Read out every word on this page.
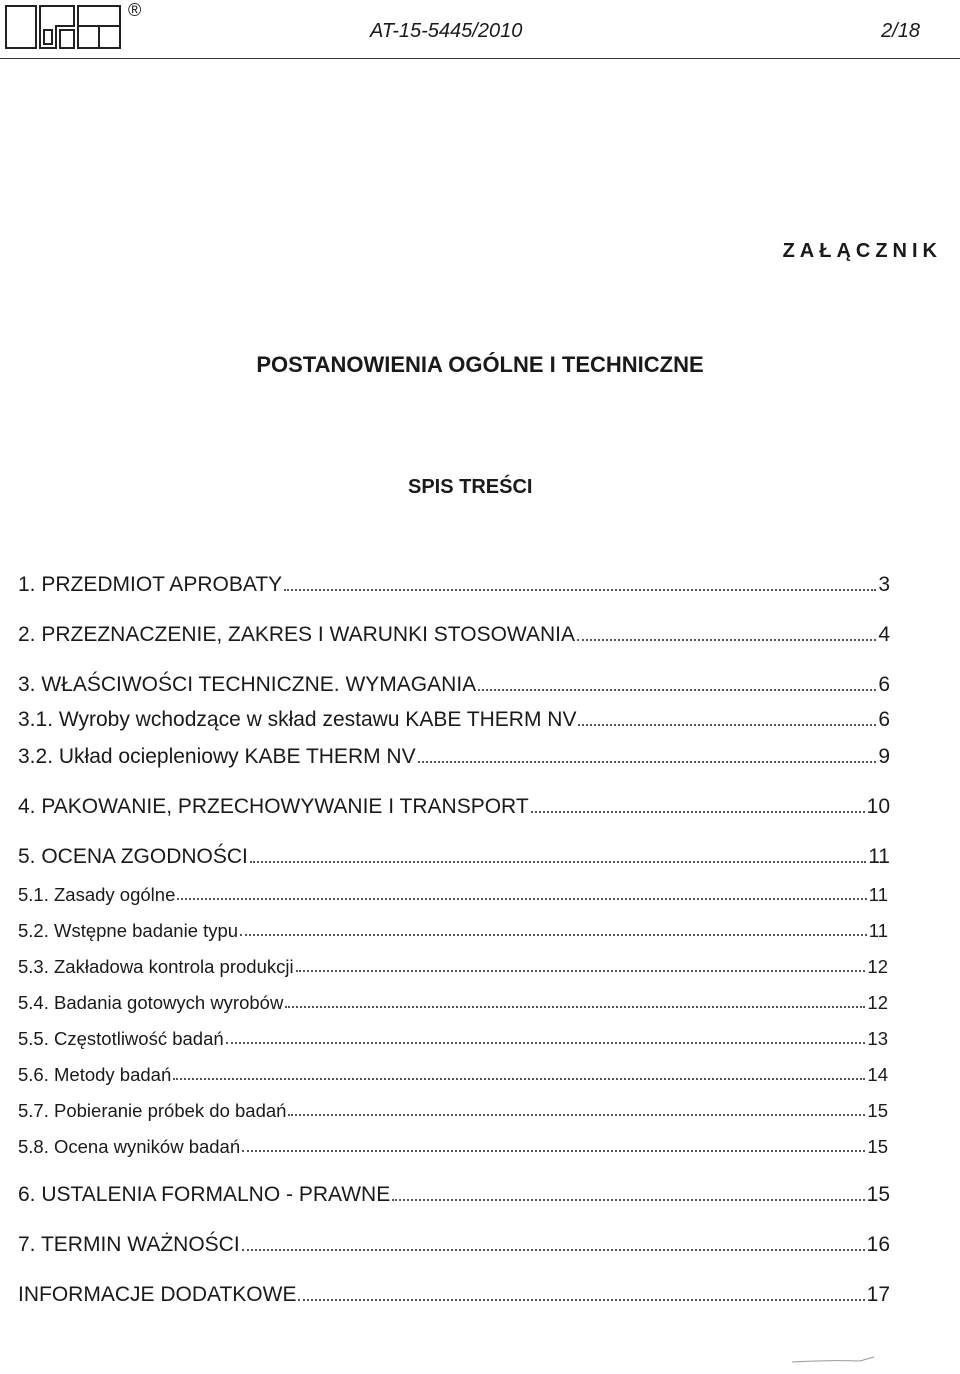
®
AT-15-5445/2010	2/18
ZAŁĄCZNIK
POSTANOWIENIA OGÓLNE I TECHNICZNE
SPIS TREŚCI
1. PRZEDMIOT APROBATY	3
2. PRZEZNACZENIE, ZAKRES I WARUNKI STOSOWANIA	4
3. WŁAŚCIWOŚCI TECHNICZNE. WYMAGANIA	6
3.1. Wyroby wchodzące w skład zestawu KABE THERM NV	6
3.2. Układ ociepleniowy KABE THERM NV	9
4. PAKOWANIE, PRZECHOWYWANIE I TRANSPORT	10
5. OCENA ZGODNOŚCI	11
5.1. Zasady ogólne	11
5.2. Wstępne badanie typu	11
5.3. Zakładowa kontrola produkcji	12
5.4. Badania gotowych wyrobów	12
5.5. Częstotliwość badań	13
5.6. Metody badań	14
5.7. Pobieranie próbek do badań	15
5.8. Ocena wyników badań	15
6. USTALENIA FORMALNO - PRAWNE	15
7. TERMIN WAŻNOŚCI	16
INFORMACJE DODATKOWE	17
